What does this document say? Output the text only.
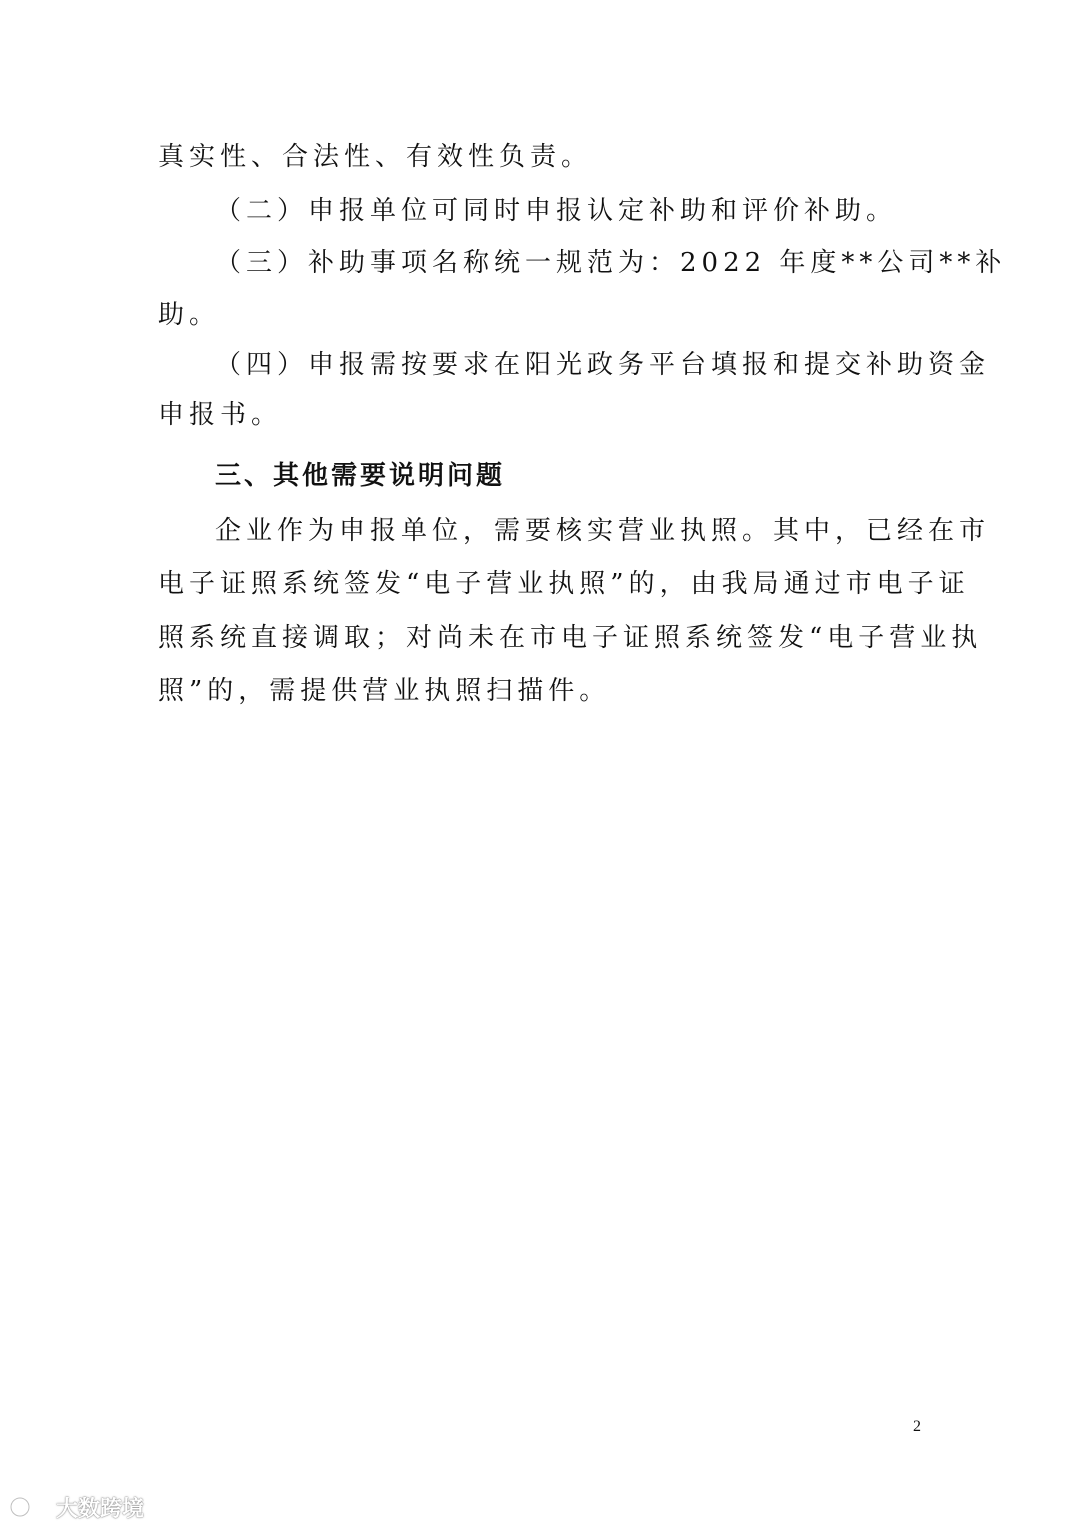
真实性、合法性、有效性负责。
（二）申报单位可同时申报认定补助和评价补助。
（三）补助事项名称统一规范为：2022 年度**公司**补
助。
（四）申报需按要求在阳光政务平台填报和提交补助资金
申报书。
三、其他需要说明问题
企业作为申报单位，需要核实营业执照。其中，已经在市
电子证照系统签发“电子营业执照”的，由我局通过市电子证
照系统直接调取；对尚未在市电子证照系统签发“电子营业执
照”的，需提供营业执照扫描件。
2
大数跨境
